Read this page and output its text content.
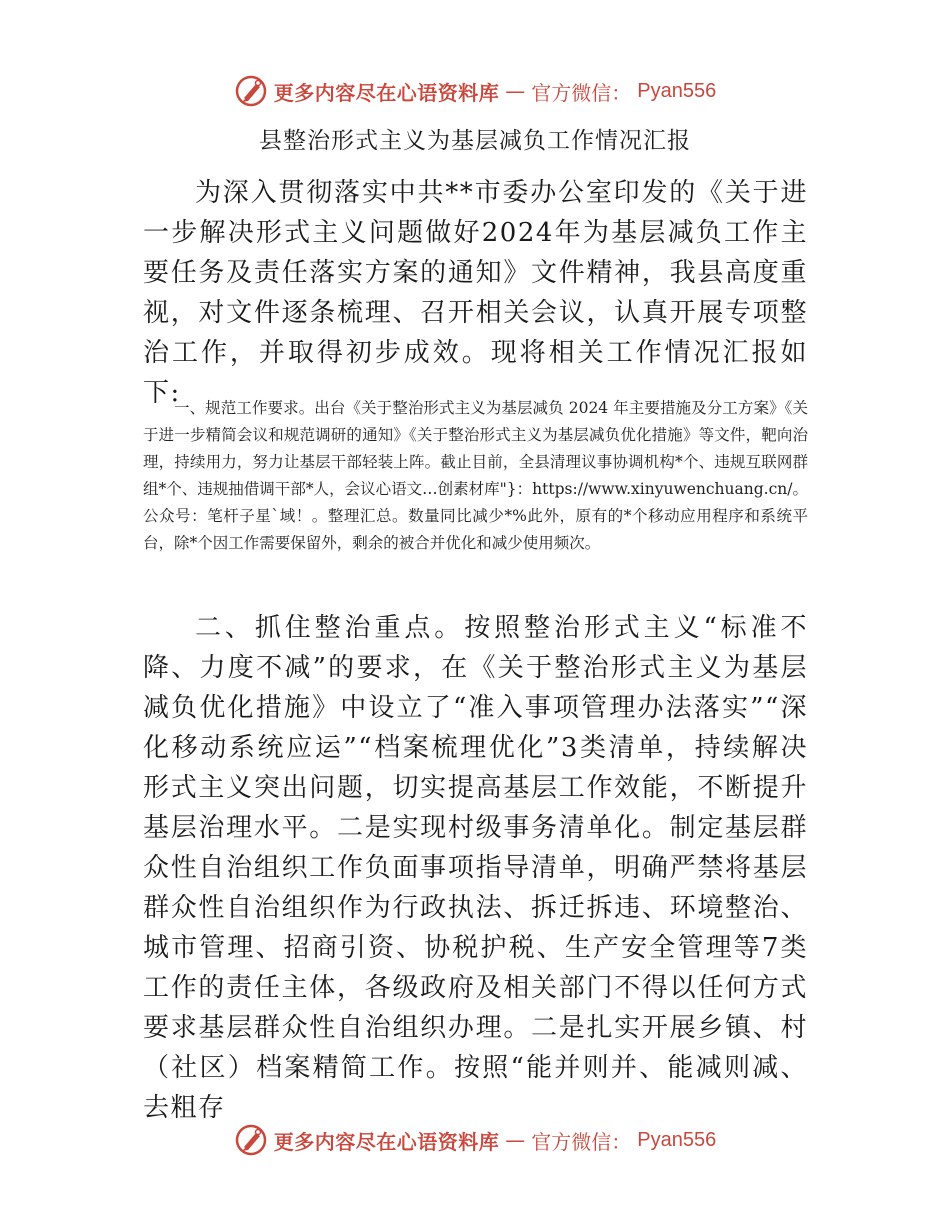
更多内容尽在心语资料库 — 官方微信： Pyan556
县整治形式主义为基层减负工作情况汇报

为深入贯彻落实中共**市委办公室印发的《关于进一步解决形式主义问题做好2024年为基层减负工作主要任务及责任落实方案的通知》文件精神，我县高度重视，对文件逐条梳理、召开相关会议，认真开展专项整治工作，并取得初步成效。现将相关工作情况汇报如下:

一、规范工作要求。出台《关于整治形式主义为基层减负 2024 年主要措施及分工方案》《关于进一步精简会议和规范调研的通知》《关于整治形式主义为基层减负优化措施》等文件，靶向治理，持续用力，努力让基层干部轻装上阵。截止目前，全县清理议事协调机构*个、违规互联网群组*个、违规抽借调干部*人，会议心语文…创素材库"}：https://www.xinyuwenchuang.cn/。公众号：笔杆子星`域！。整理汇总。数量同比减少*%此外，原有的*个移动应用程序和系统平台，除*个因工作需要保留外，剩余的被合并优化和减少使用频次。

二、抓住整治重点。按照整治形式主义“标准不降、力度不减”的要求，在《关于整治形式主义为基层减负优化措施》中设立了“准入事项管理办法落实”“深化移动系统应运”“档案梳理优化”3类清单，持续解决形式主义突出问题，切实提高基层工作效能，不断提升基层治理水平。二是实现村级事务清单化。制定基层群众性自治组织工作负面事项指导清单，明确严禁将基层群众性自治组织作为行政执法、拆迁拆违、环境整治、城市管理、招商引资、协税护税、生产安全管理等7类工作的责任主体，各级政府及相关部门不得以任何方式要求基层群众性自治组织办理。二是扎实开展乡镇、村（社区）档案精简工作。按照“能并则并、能减则减、去粗存

更多内容尽在心语资料库 — 官方微信： Pyan556
